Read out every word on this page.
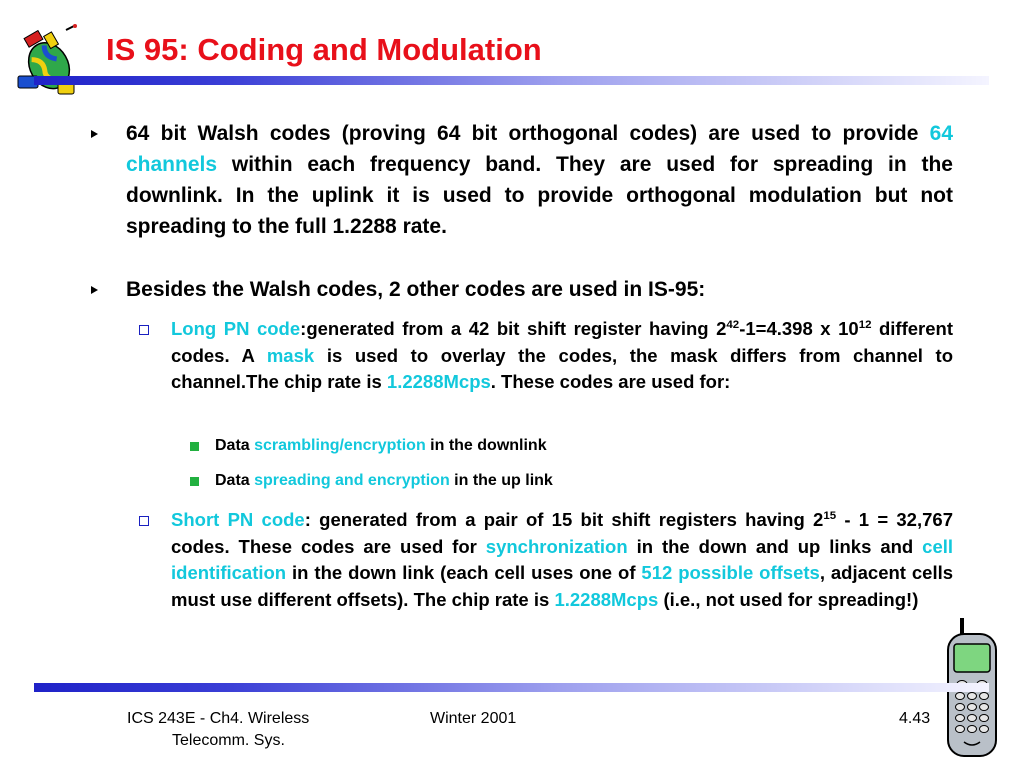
IS 95: Coding and Modulation
64 bit Walsh codes (proving 64 bit orthogonal codes) are used to provide 64 channels within each frequency band. They are used for spreading in the downlink. In the uplink it is used to provide orthogonal modulation but not spreading to the full 1.2288 rate.
Besides the Walsh codes, 2 other codes are used in IS-95:
Long PN code:generated from a 42 bit shift register having $2^{42}-1=4.398$ x $10^{12}$ different codes. A mask is used to overlay the codes, the mask differs from channel to channel.The chip rate is 1.2288Mcps. These codes are used for:
Data scrambling/encryption in the downlink
Data spreading and encryption in the up link
Short PN code: generated from a pair of 15 bit shift registers having $2^{15} - 1 = 32,767$ codes. These codes are used for synchronization in the down and up links and cell identification in the down link (each cell uses one of 512 possible offsets, adjacent cells must use different offsets). The chip rate is 1.2288Mcps (i.e., not used for spreading!)
ICS 243E - Ch4. Wireless
Telecomm. Sys.
Winter 2001	4.43
